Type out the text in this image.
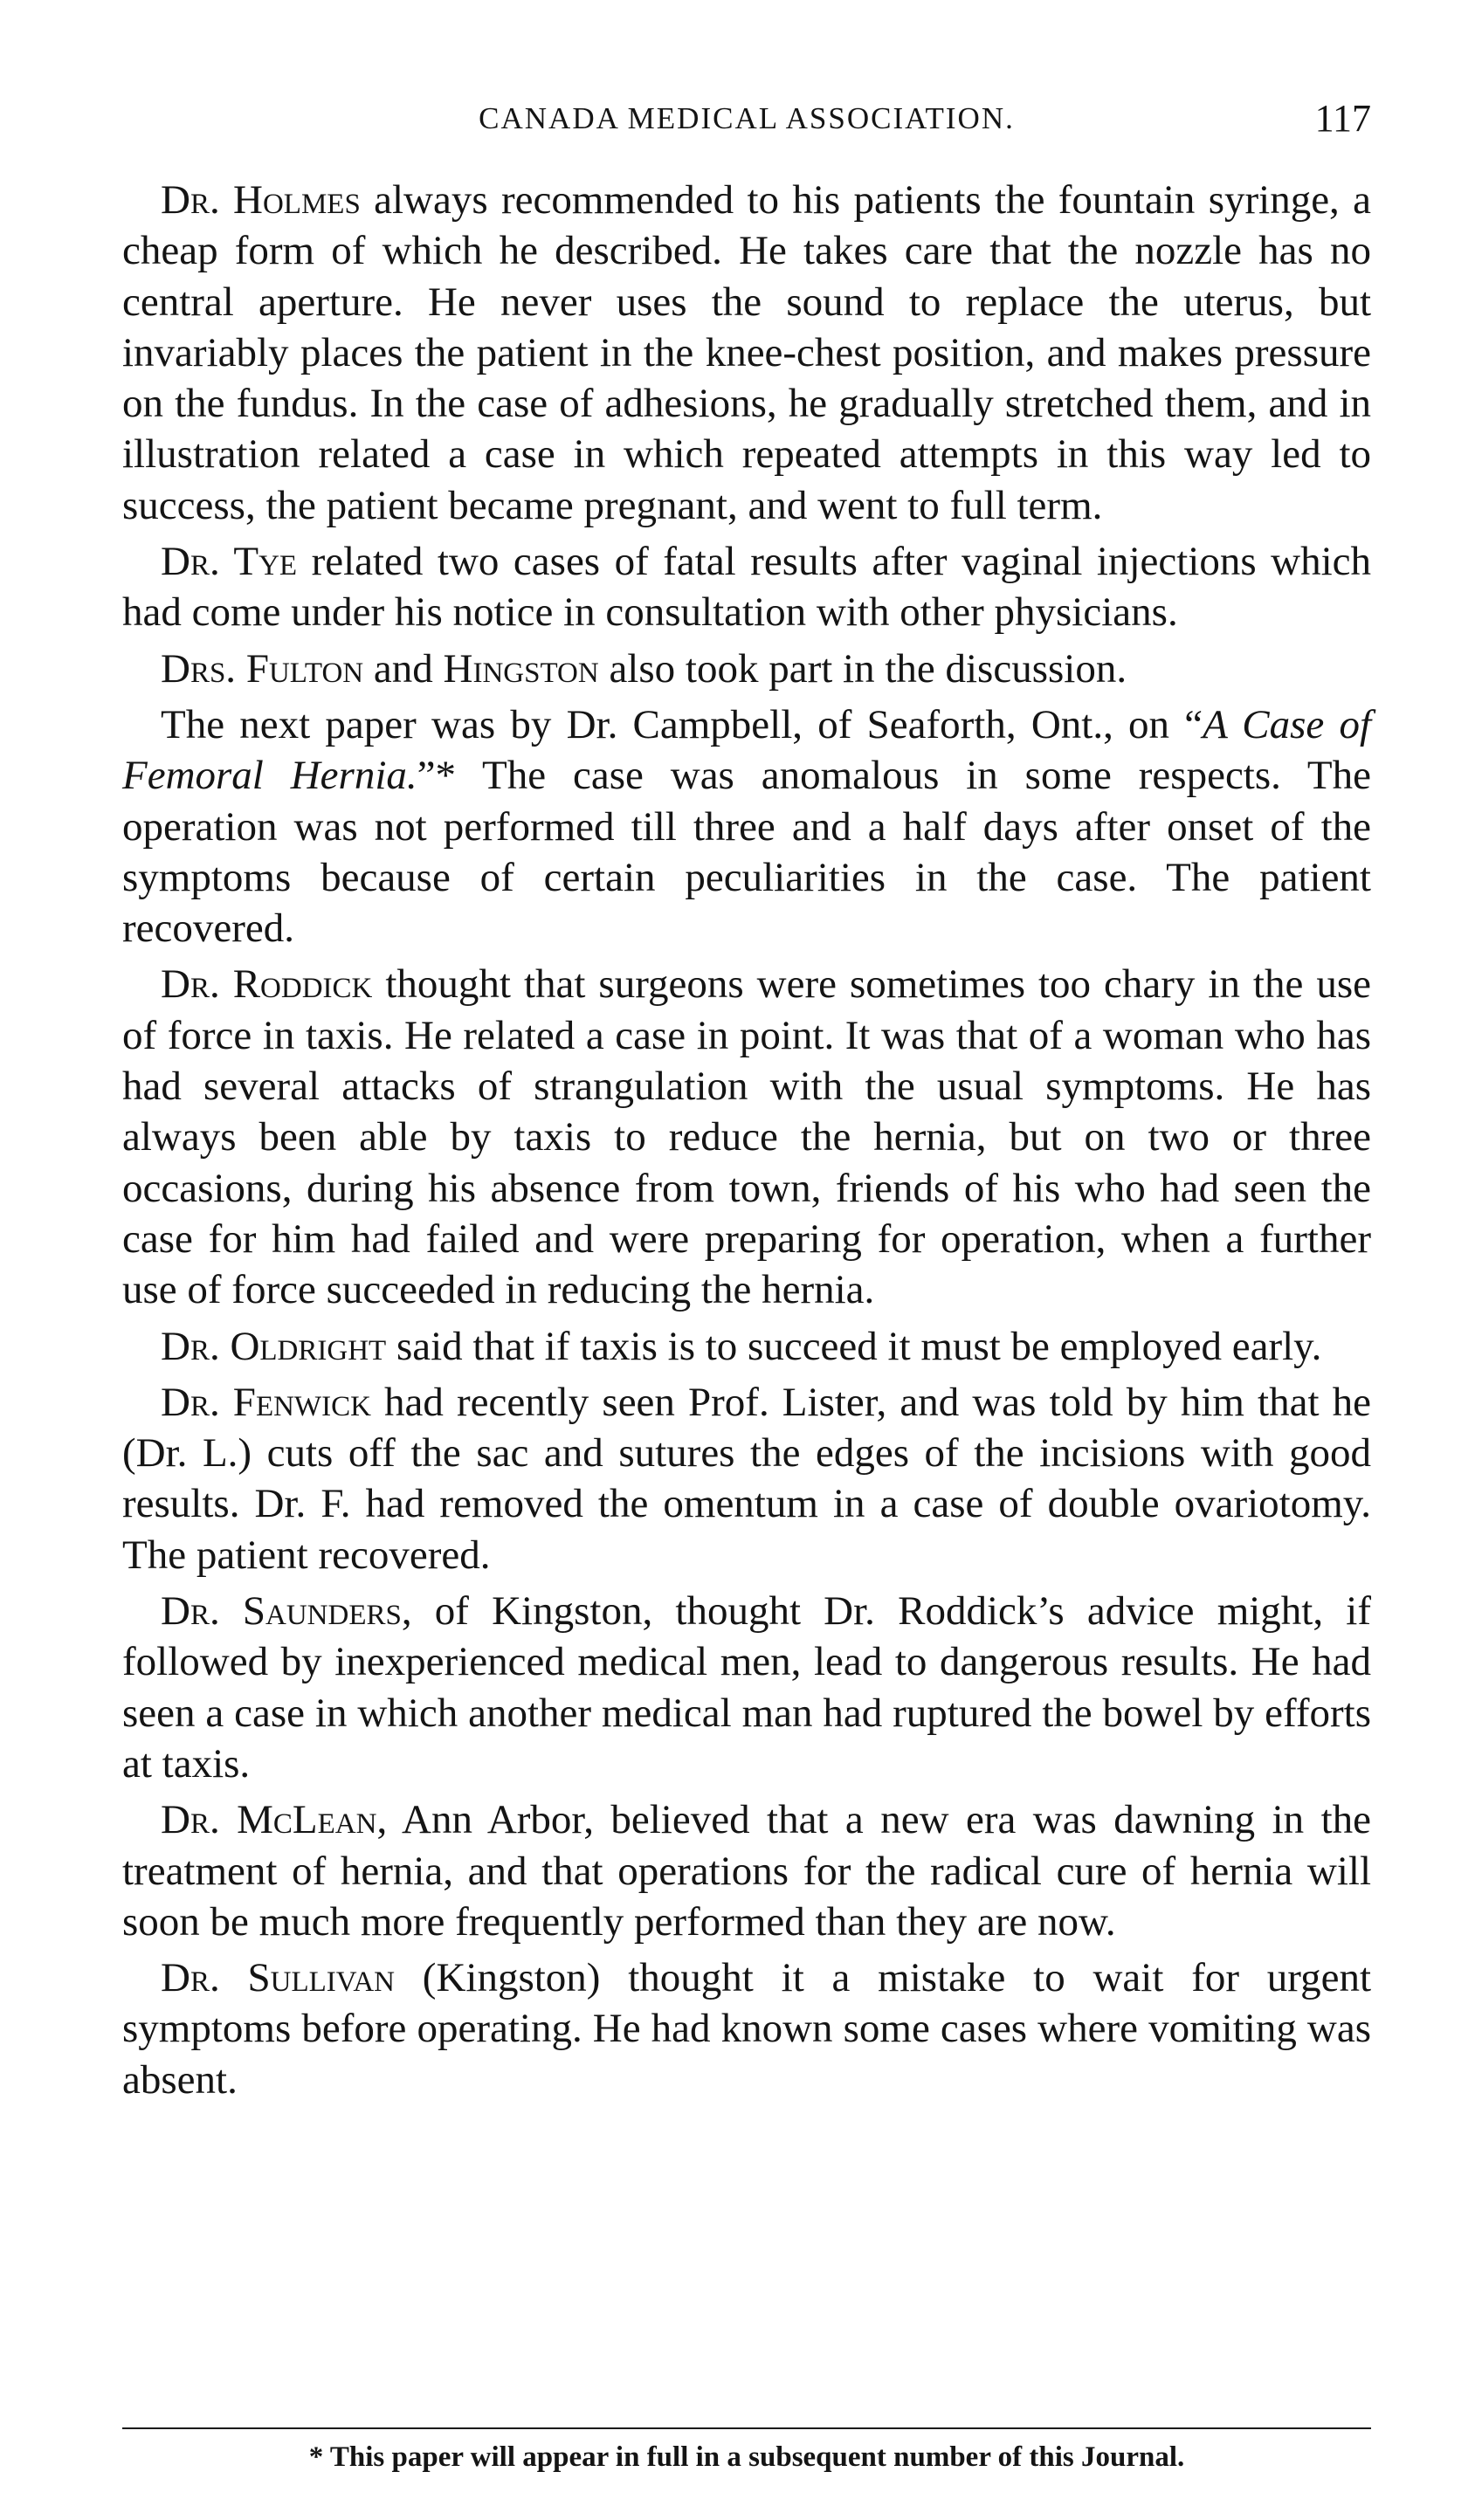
CANADA MEDICAL ASSOCIATION.	117

Dr. Holmes always recommended to his patients the fountain syringe, a cheap form of which he described. He takes care that the nozzle has no central aperture. He never uses the sound to replace the uterus, but invariably places the patient in the knee-chest position, and makes pressure on the fundus. In the case of adhesions, he gradually stretched them, and in illustration related a case in which repeated attempts in this way led to success, the patient became pregnant, and went to full term.

Dr. Tye related two cases of fatal results after vaginal injections which had come under his notice in consultation with other physicians.

Drs. Fulton and Hingston also took part in the discussion.

The next paper was by Dr. Campbell, of Seaforth, Ont., on “A Case of Femoral Hernia.”* The case was anomalous in some respects. The operation was not performed till three and a half days after onset of the symptoms because of certain peculiarities in the case. The patient recovered.

Dr. Roddick thought that surgeons were sometimes too chary in the use of force in taxis. He related a case in point. It was that of a woman who has had several attacks of strangulation with the usual symptoms. He has always been able by taxis to reduce the hernia, but on two or three occasions, during his absence from town, friends of his who had seen the case for him had failed and were preparing for operation, when a further use of force succeeded in reducing the hernia.

Dr. Oldright said that if taxis is to succeed it must be employed early.

Dr. Fenwick had recently seen Prof. Lister, and was told by him that he (Dr. L.) cuts off the sac and sutures the edges of the incisions with good results. Dr. F. had removed the omentum in a case of double ovariotomy. The patient recovered.

Dr. Saunders, of Kingston, thought Dr. Roddick’s advice might, if followed by inexperienced medical men, lead to dangerous results. He had seen a case in which another medical man had ruptured the bowel by efforts at taxis.

Dr. McLean, Ann Arbor, believed that a new era was dawning in the treatment of hernia, and that operations for the radical cure of hernia will soon be much more frequently performed than they are now.

Dr. Sullivan (Kingston) thought it a mistake to wait for urgent symptoms before operating. He had known some cases where vomiting was absent.

* This paper will appear in full in a subsequent number of this Journal.
